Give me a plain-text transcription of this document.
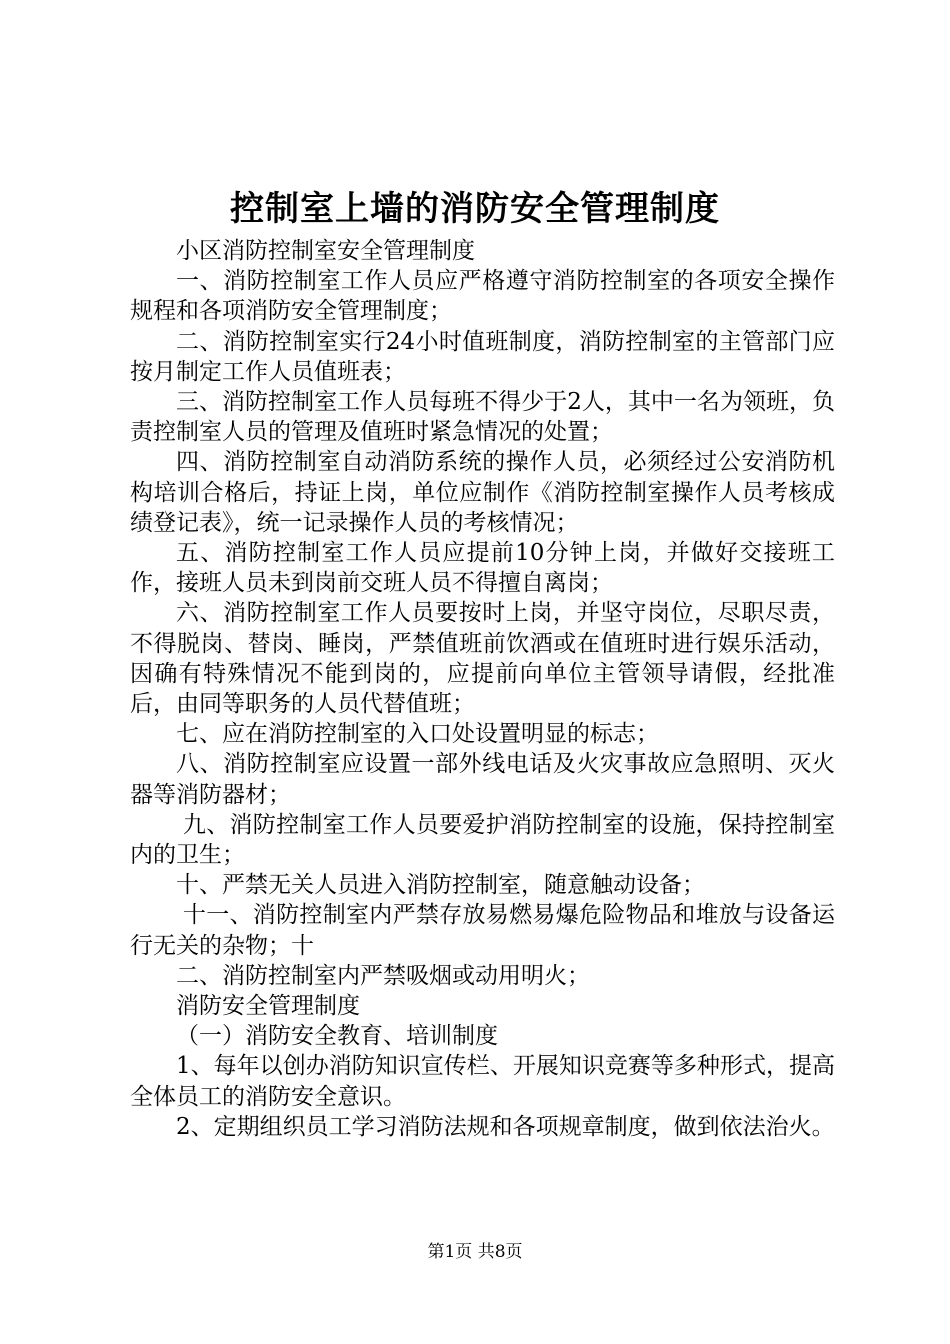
控制室上墙的消防安全管理制度

小区消防控制室安全管理制度

一、消防控制室工作人员应严格遵守消防控制室的各项安全操作规程和各项消防安全管理制度；

二、消防控制室实行24小时值班制度，消防控制室的主管部门应按月制定工作人员值班表；

三、消防控制室工作人员每班不得少于2人，其中一名为领班，负责控制室人员的管理及值班时紧急情况的处置；

四、消防控制室自动消防系统的操作人员，必须经过公安消防机构培训合格后，持证上岗，单位应制作《消防控制室操作人员考核成绩登记表》，统一记录操作人员的考核情况；

五、消防控制室工作人员应提前10分钟上岗，并做好交接班工作，接班人员未到岗前交班人员不得擅自离岗；

六、消防控制室工作人员要按时上岗，并坚守岗位，尽职尽责，不得脱岗、替岗、睡岗，严禁值班前饮酒或在值班时进行娱乐活动，因确有特殊情况不能到岗的，应提前向单位主管领导请假，经批准后，由同等职务的人员代替值班；

七、应在消防控制室的入口处设置明显的标志；

八、消防控制室应设置一部外线电话及火灾事故应急照明、灭火器等消防器材；

九、消防控制室工作人员要爱护消防控制室的设施，保持控制室内的卫生；

十、严禁无关人员进入消防控制室，随意触动设备；

十一、消防控制室内严禁存放易燃易爆危险物品和堆放与设备运行无关的杂物；十

二、消防控制室内严禁吸烟或动用明火；

消防安全管理制度

（一）消防安全教育、培训制度

1、每年以创办消防知识宣传栏、开展知识竞赛等多种形式，提高全体员工的消防安全意识。

2、定期组织员工学习消防法规和各项规章制度，做到依法治火。

第1页 共8页
